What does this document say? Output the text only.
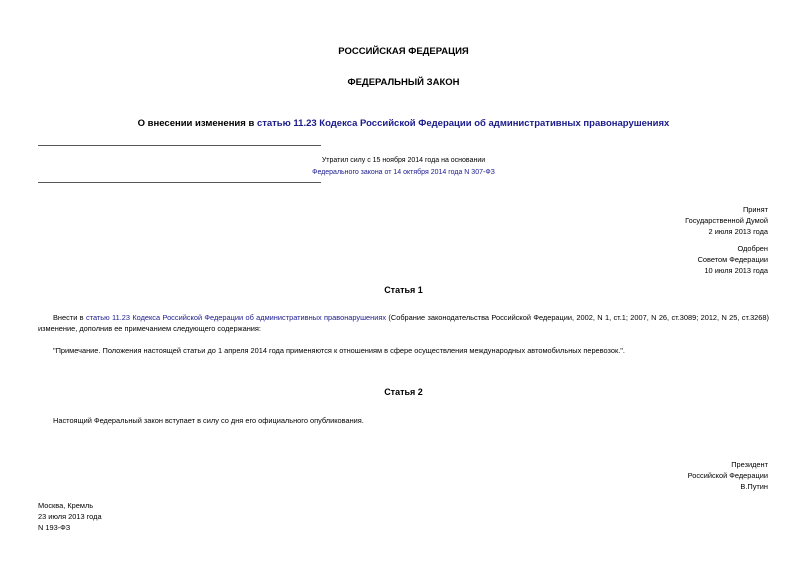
РОССИЙСКАЯ ФЕДЕРАЦИЯ
ФЕДЕРАЛЬНЫЙ ЗАКОН
О внесении изменения в статью 11.23 Кодекса Российской Федерации об административных правонарушениях
Утратил силу с 15 ноября 2014 года на основании
Федерального закона от 14 октября 2014 года N 307-ФЗ
Принят
Государственной Думой
2 июля 2013 года
Одобрен
Советом Федерации
10 июля 2013 года
Статья 1
Внести в статью 11.23 Кодекса Российской Федерации об административных правонарушениях (Собрание законодательства Российской Федерации, 2002, N 1, ст.1; 2007, N 26, ст.3089; 2012, N 25, ст.3268) изменение, дополнив ее примечанием следующего содержания:
"Примечание. Положения настоящей статьи до 1 апреля 2014 года применяются к отношениям в сфере осуществления международных автомобильных перевозок.".
Статья 2
Настоящий Федеральный закон вступает в силу со дня его официального опубликования.
Президент
Российской Федерации
В.Путин
Москва, Кремль
23 июля 2013 года
N 193-ФЗ
